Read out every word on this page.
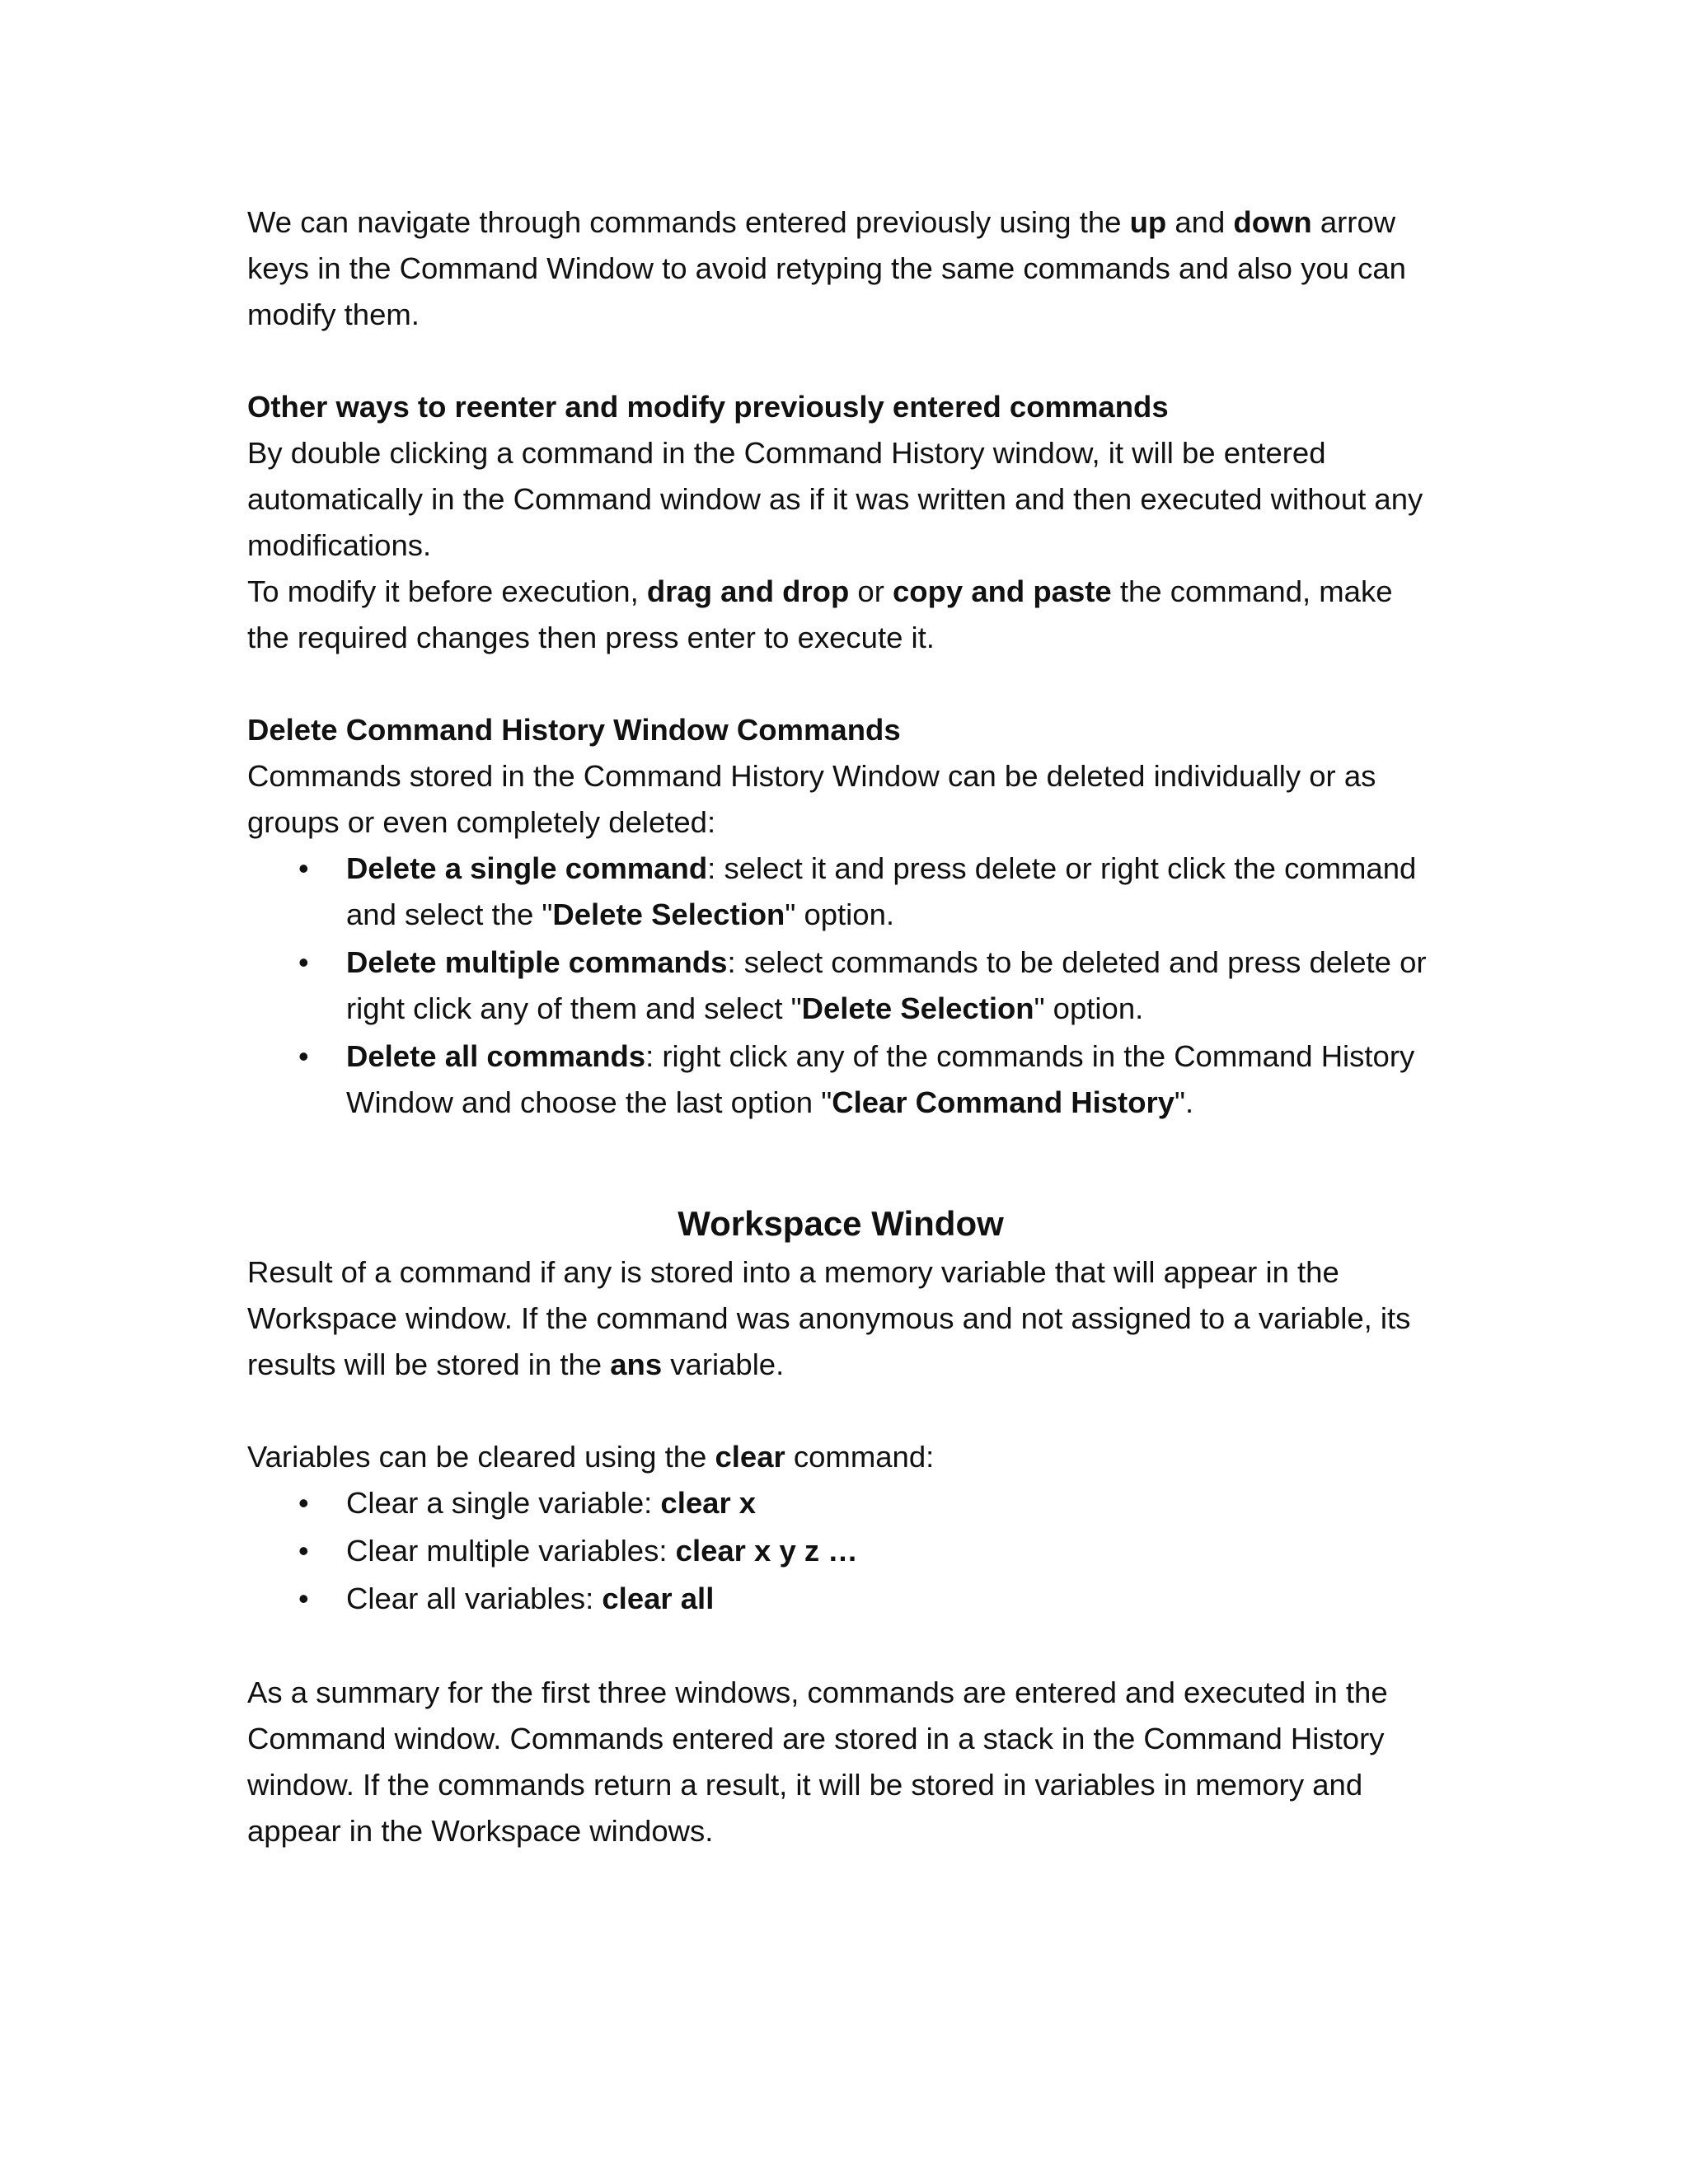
We can navigate through commands entered previously using the up and down arrow keys in the Command Window to avoid retyping the same commands and also you can modify them.

Other ways to reenter and modify previously entered commands

By double clicking a command in the Command History window, it will be entered automatically in the Command window as if it was written and then executed without any modifications.

To modify it before execution, drag and drop or copy and paste the command, make the required changes then press enter to execute it.

Delete Command History Window Commands

Commands stored in the Command History Window can be deleted individually or as groups or even completely deleted:

• Delete a single command: select it and press delete or right click the command and select the "Delete Selection" option.
• Delete multiple commands: select commands to be deleted and press delete or right click any of them and select "Delete Selection" option.
• Delete all commands: right click any of the commands in the Command History Window and choose the last option "Clear Command History".

Workspace Window

Result of a command if any is stored into a memory variable that will appear in the Workspace window. If the command was anonymous and not assigned to a variable, its results will be stored in the ans variable.

Variables can be cleared using the clear command:

• Clear a single variable: clear x
• Clear multiple variables: clear x y z …
• Clear all variables: clear all

As a summary for the first three windows, commands are entered and executed in the Command window. Commands entered are stored in a stack in the Command History window. If the commands return a result, it will be stored in variables in memory and appear in the Workspace windows.
